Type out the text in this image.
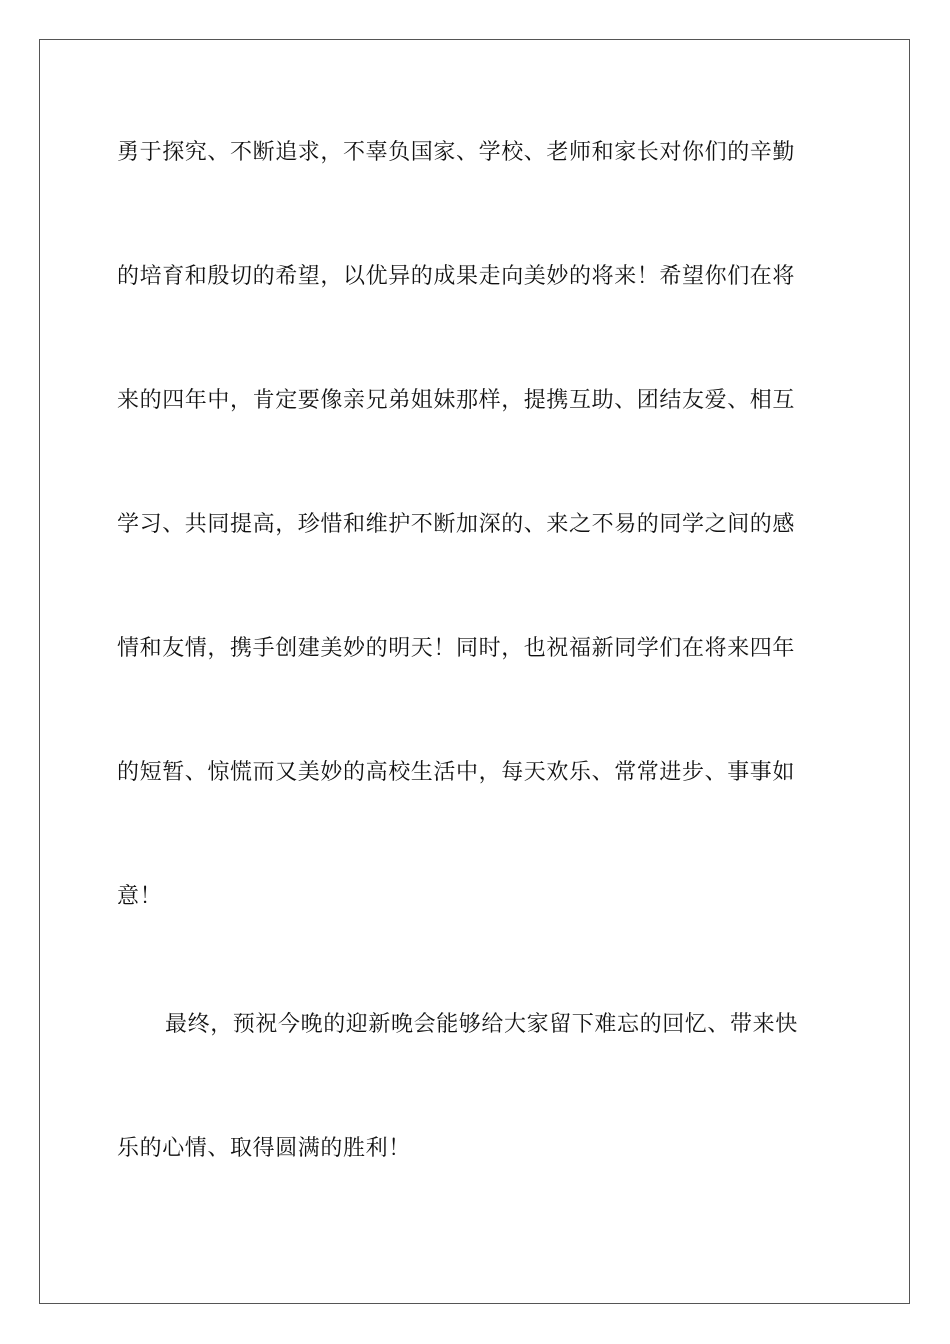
勇于探究、不断追求，不辜负国家、学校、老师和家长对你们的辛勤
的培育和殷切的希望，以优异的成果走向美妙的将来！希望你们在将
来的四年中，肯定要像亲兄弟姐妹那样，提携互助、团结友爱、相互
学习、共同提高，珍惜和维护不断加深的、来之不易的同学之间的感
情和友情，携手创建美妙的明天！同时，也祝福新同学们在将来四年
的短暂、惊慌而又美妙的高校生活中，每天欢乐、常常进步、事事如
意！
最终，预祝今晚的迎新晚会能够给大家留下难忘的回忆、带来快
乐的心情、取得圆满的胜利！
